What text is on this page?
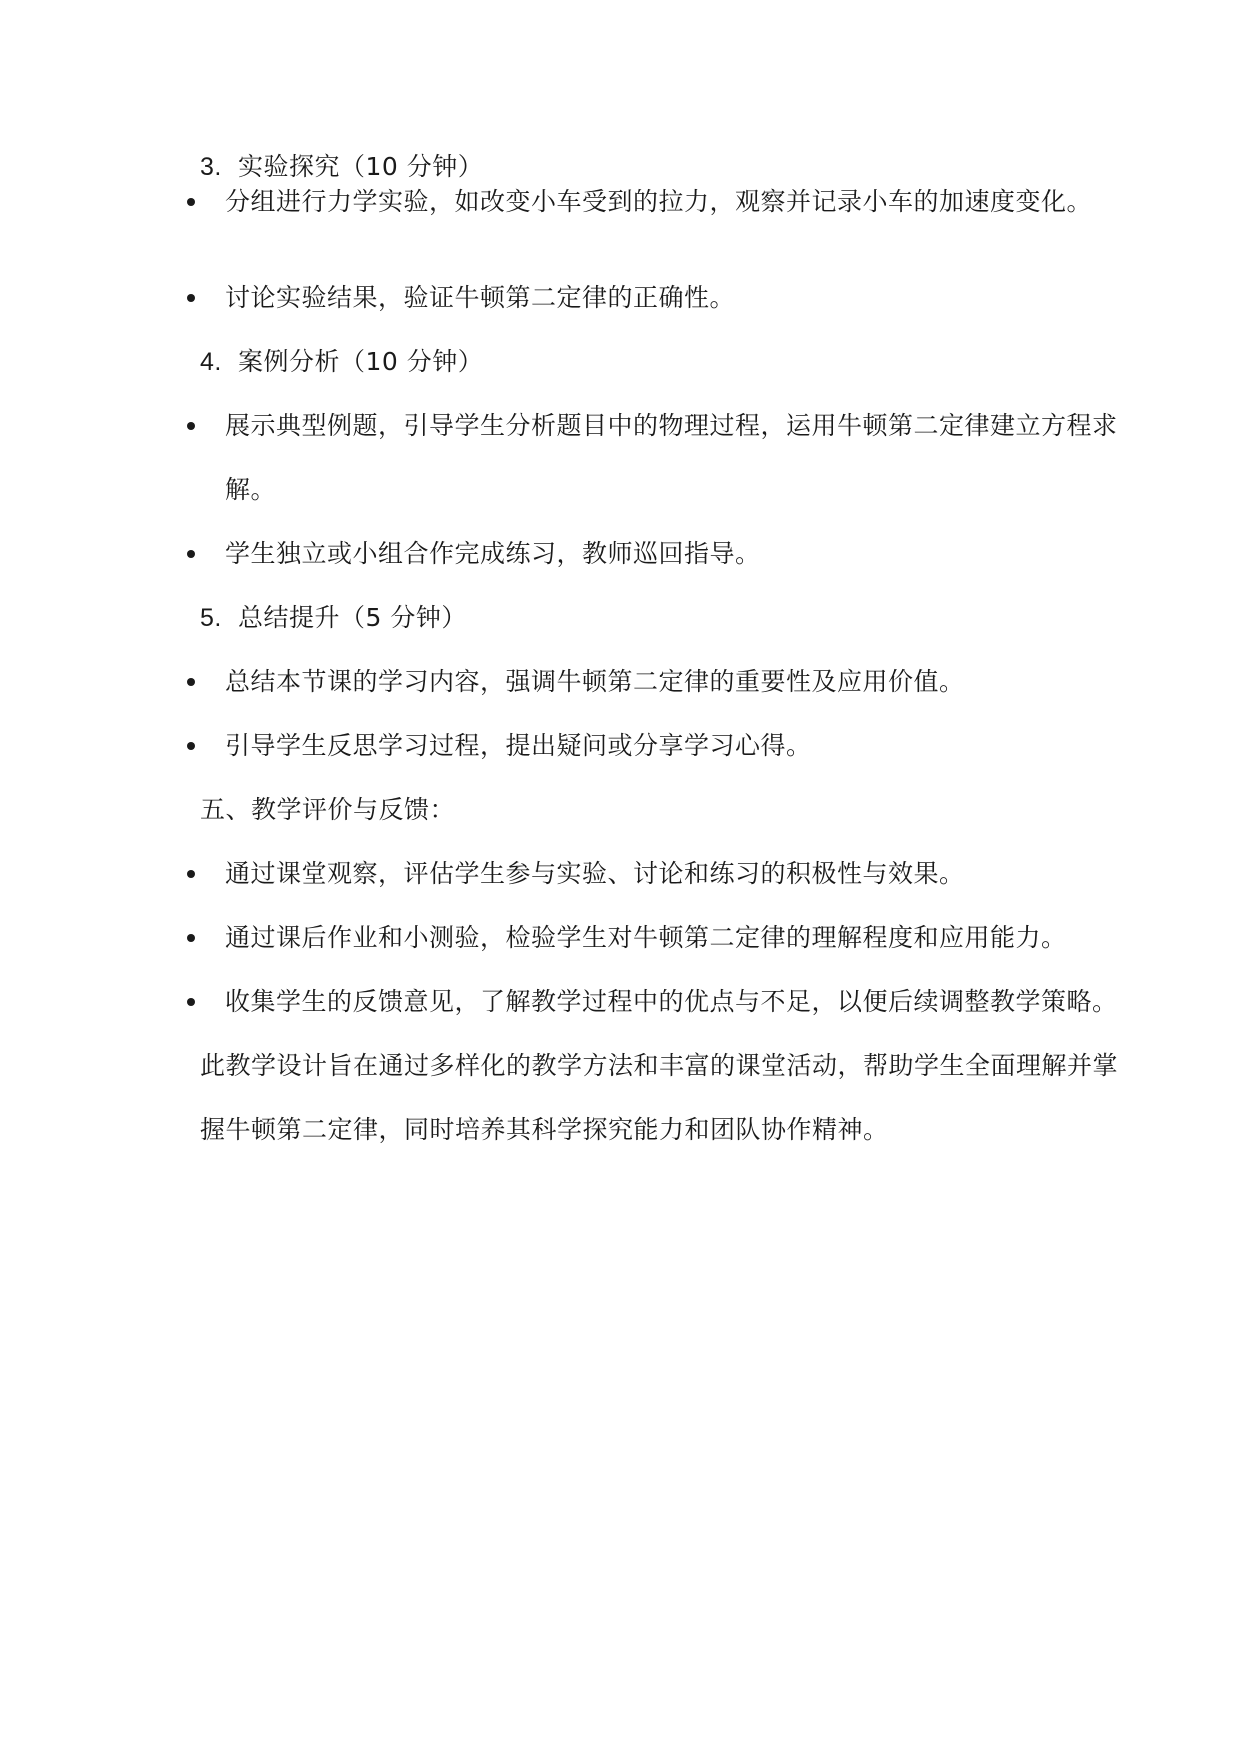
3. 实验探究（10 分钟）
分组进行力学实验，如改变小车受到的拉力，观察并记录小车的加速度变化。
讨论实验结果，验证牛顿第二定律的正确性。
4. 案例分析（10 分钟）
展示典型例题，引导学生分析题目中的物理过程，运用牛顿第二定律建立方程求
解。
学生独立或小组合作完成练习，教师巡回指导。
5. 总结提升（5 分钟）
总结本节课的学习内容，强调牛顿第二定律的重要性及应用价值。
引导学生反思学习过程，提出疑问或分享学习心得。
五、教学评价与反馈：
通过课堂观察，评估学生参与实验、讨论和练习的积极性与效果。
通过课后作业和小测验，检验学生对牛顿第二定律的理解程度和应用能力。
收集学生的反馈意见，了解教学过程中的优点与不足，以便后续调整教学策略。
此教学设计旨在通过多样化的教学方法和丰富的课堂活动，帮助学生全面理解并掌
握牛顿第二定律，同时培养其科学探究能力和团队协作精神。
